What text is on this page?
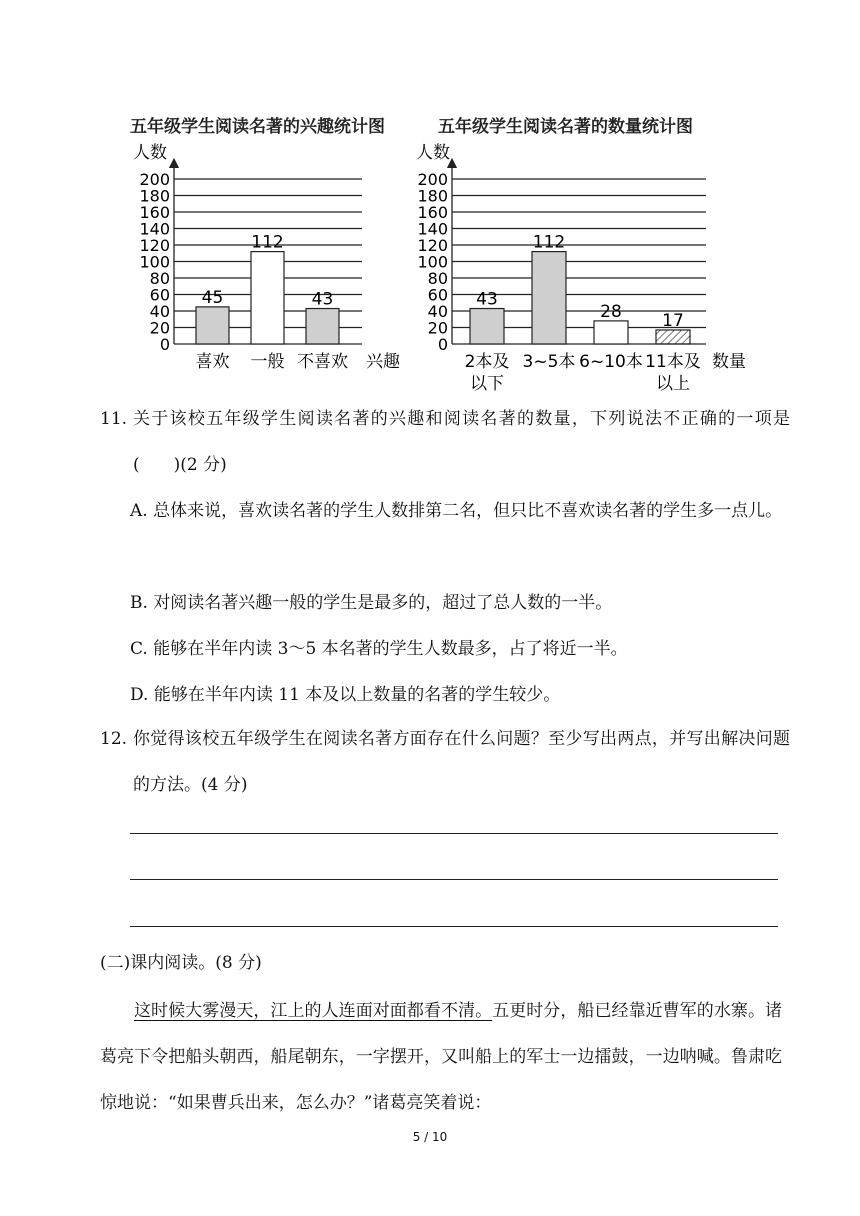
五年级学生阅读名著的兴趣统计图	五年级学生阅读名著的数量统计图
人数
0
20
40
60
80
100
120
140
160
180
200
45
喜欢
112
一般
43
不喜欢 兴趣
人数
0
20
40
60
80
100
120
140
160
180
200
43
2本及
以下
112
3~5本
28
6~10本
17
11本及
以上
数量
11. 关于该校五年级学生阅读名著的兴趣和阅读名著的数量，下列说法不正确的一项是(　　)(2 分)
A. 总体来说，喜欢读名著的学生人数排第二名，但只比不喜欢读名著的学生多一点儿。
B. 对阅读名著兴趣一般的学生是最多的，超过了总人数的一半。
C. 能够在半年内读 3～5 本名著的学生人数最多，占了将近一半。
D. 能够在半年内读 11 本及以上数量的名著的学生较少。
12. 你觉得该校五年级学生在阅读名著方面存在什么问题？至少写出两点，并写出解决问题的方法。(4 分)
(二)课内阅读。(8 分)
这时候大雾漫天，江上的人连面对面都看不清。五更时分，船已经靠近曹军的水寨。诸葛亮下令把船头朝西，船尾朝东，一字摆开，又叫船上的军士一边擂鼓，一边呐喊。鲁肃吃惊地说：“如果曹兵出来，怎么办？”诸葛亮笑着说：
5 / 10
